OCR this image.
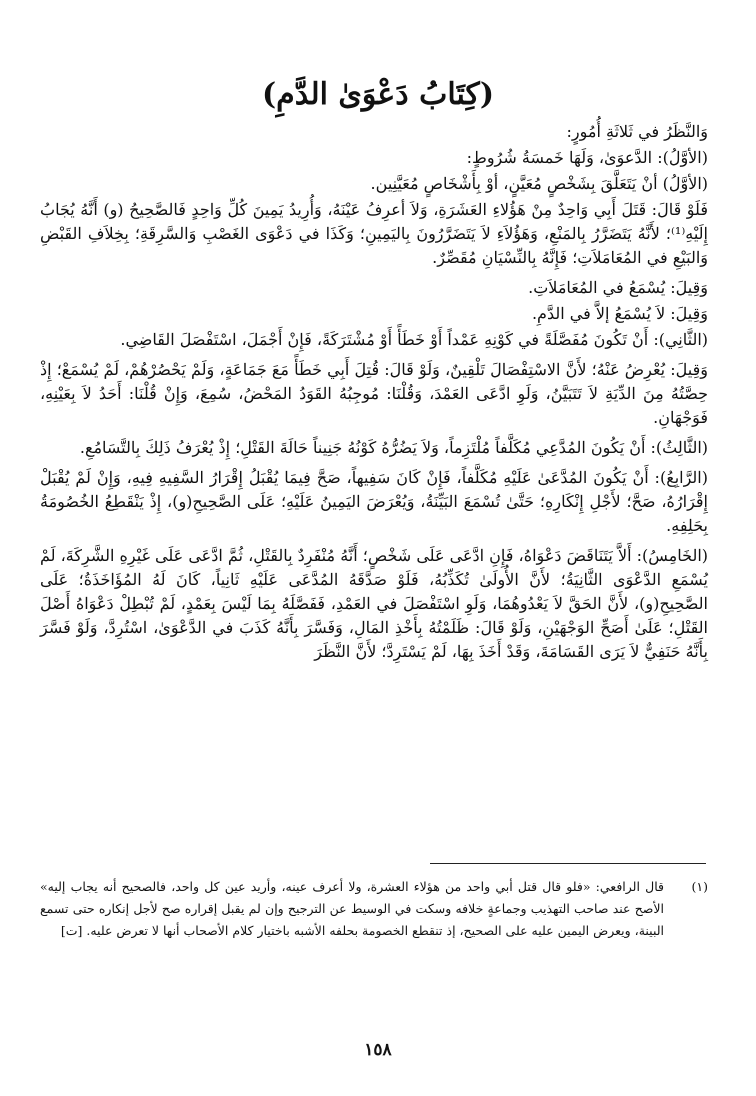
(كِتَابُ دَعْوَىٰ الدَّمِ)

وَالنَّظَرُ في ثَلاثَةِ أُمُورٍ:

(الأوَّلُ): الدَّعوَىٰ، وَلَهَا خَمسَةُ شُرُوطٍ:

(الأوَّلُ) أنْ يَتَعَلَّقَ بِشَخْصٍ مُعَيَّنٍ، أوْ بِأَشْخَاصٍ مُعَيَّنِين.

فَلَوْ قَالَ: قَتَلَ أَبِي وَاحِدٌ مِنْ هَؤُلاءِ العَشَرَةِ، وَلاَ أعرِفُ عَيْنَهُ، وَأُرِيدُ يَمِينَ كُلِّ وَاحِدٍ فَالصَّحِيحُ (و) أَنَّهُ يُجَابُ إِلَيْهِ⁽¹⁾؛ لأَنَّهُ يَتَضَرَّرُ بِالمَنْعِ، وَهَؤُلاَءِ لاَ يَتَضَرَّرُونَ بِاليَمِينِ؛ وَكَذَا في دَعْوَى الغَصْبِ وَالسَّرِقَةِ؛ بِخِلاَفِ القَبْضِ وَالبَيْعِ في المُعَامَلاَتِ؛ فَإِنَّهُ بِالنِّسْيَانِ مُقَصِّرٌ.

وَقِيلَ: يُسْمَعُ في المُعَامَلاَتِ.

وَقِيلَ: لاَ يُسْمَعُ إلاَّ في الدَّمِ.

(الثَّانِي): أَنْ تَكُونَ مُفَصَّلَةً في كَوْنِهِ عَمْداً أَوْ خَطَأً أَوْ مُشْتَرَكَةً، فَإِنْ أَجْمَلَ، اسْتَفْصَلَ القَاضِي.

وَقِيلَ: يُعْرِضُ عَنْهُ؛ لأَنَّ الاسْتِفْصَالَ تَلْقِينٌ، وَلَوْ قَالَ: قُتِلَ أَبِي خَطَأً مَعَ جَمَاعَةٍ، وَلَمْ يَحْصُرْهُمْ، لَمْ يُسْمَعْ؛ إِذْ حِصَّتُهُ مِنَ الدِّيَةِ لاَ تَتَبَيَّنُ، وَلَوِ ادَّعَى العَمْدَ، وَقُلْنَا: مُوجِبُهُ القَوَدُ المَحْضُ، سُمِعَ، وَإِنْ قُلْنَا: أَحَدُ لاَ بِعَيْنِهِ، فَوَجْهَانِ.

(الثَّالِثُ): أَنْ يَكُونَ المُدَّعِي مُكَلَّفاً مُلْتَزِماً، وَلاَ يَضُرُّهُ كَوْنُهُ جَنِيناً حَالَةَ القَتْلِ؛ إِذْ يُعْرَفُ ذَلِكَ بِالتَّسَامُعِ.

(الرَّابِعُ): أَنْ يَكُونَ المُدَّعَىٰ عَلَيْهِ مُكَلَّفاً، فَإِنْ كَانَ سَفِيهاً، صَحَّ فِيمَا يُقْبَلُ إِقْرَارُ السَّفِيهِ فِيهِ، وَإِنْ لَمْ يُقْبَلْ إِقْرَارُهُ، صَحَّ؛ لأَجْلِ إِنْكَارِهِ؛ حَتَّىٰ تُسْمَعَ البَيِّنَةُ، وَيُعْرَضَ اليَمِينُ عَلَيْهِ؛ عَلَى الصَّحِيحِ(و)، إِذْ يَنْقَطِعُ الخُصُومَةُ بِحَلِفِهِ.

(الخَامِسُ): أَلاَّ يَتَنَاقَضَ دَعْوَاهُ، فَإِنِ ادَّعَى عَلَى شَخْصٍ؛ أَنَّهُ مُنْفَرِدٌ بِالقَتْلِ، ثُمَّ ادَّعَى عَلَى غَيْرِهِ الشَّرِكَةَ، لَمْ يُسْمَعِ الدَّعْوَى الثَّانِيَةُ؛ لأَنَّ الأُولَىٰ تُكَذِّبُهُ، فَلَوْ صَدَّقَهُ المُدَّعَى عَلَيْهِ ثَانِياً، كَانَ لَهُ المُؤَاخَذَةُ؛ عَلَى الصَّحِيحِ(و)، لأَنَّ الحَقَّ لاَ يَعْدُوهُمَا، وَلَوِ اسْتَفْصَلَ في العَمْدِ، فَفَصَّلَهُ بِمَا لَيْسَ بِعَمْدٍ، لَمْ تُبْطِلْ دَعْوَاهُ أَصْلَ القَتْلِ؛ عَلَىٰ أَصَحِّ الوَجْهَيْنِ، وَلَوْ قَالَ: ظَلَمْتُهُ بِأَخْذِ المَالِ، وَفَسَّرَ بِأَنَّهُ كَذَبَ في الدَّعْوَىٰ، اسْتُرِدَّ، وَلَوْ فَسَّرَ بِأَنَّهُ حَنَفِيٌّ لاَ يَرَى القَسَامَةَ، وَقَدْ أَخَذَ بِهَا، لَمْ يَسْتَرِدَّ؛ لأَنَّ النَّظَرَ

(١)
قال الرافعي: «فلو قال قتل أبي واحد من هؤلاء العشرة، ولا أعرف عينه، وأريد عين كل واحد، فالصحيح أنه يجاب إليه» الأصح عند صاحب التهذيب وجماعةٍ خلافه وسكت في الوسيط عن الترجيح وإن لم يقبل إقراره صح لأجل إنكاره حتى تسمع البينة، ويعرض اليمين عليه على الصحيح، إذ تنقطع الخصومة بحلفه الأشبه باختيار كلام الأصحاب أنها لا تعرض عليه. [ت]
١٥٨
